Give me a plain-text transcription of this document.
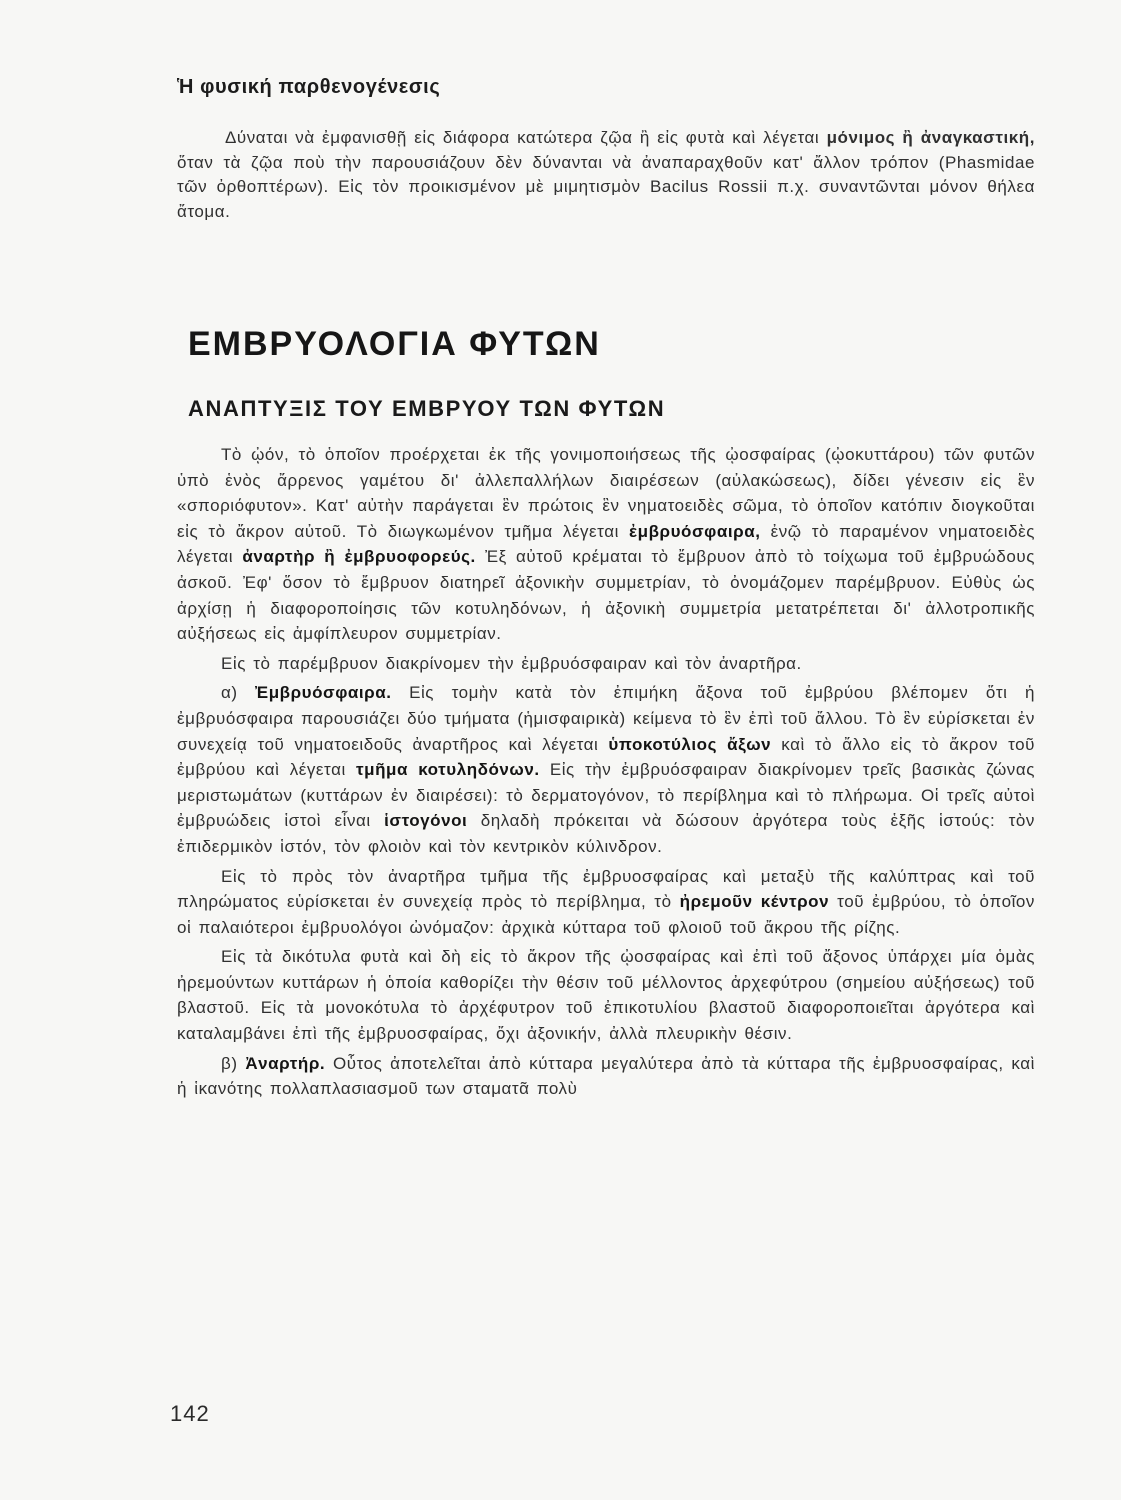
Ἡ φυσική παρθενογένεσις

Δύναται νὰ ἐμφανισθῇ εἰς διάφορα κατώτερα ζῷα ἢ εἰς φυτὰ καὶ λέγεται μόνιμος ἢ ἀναγκαστική, ὅταν τὰ ζῷα ποὺ τὴν παρουσιάζουν δὲν δύνανται νὰ ἀναπαραχθοῦν κατ' ἄλλον τρόπον (Phasmidae τῶν ὀρθοπτέρων). Εἰς τὸν προικισμένον μὲ μιμητισμὸν Bacilus Rossii π.χ. συναντῶνται μόνον θήλεα ἄτομα.

ΕΜΒΡΥΟΛΟΓΙΑ ΦΥΤΩΝ
ΑΝΑΠΤΥΞΙΣ ΤΟΥ ΕΜΒΡΥΟΥ ΤΩΝ ΦΥΤΩΝ

Τὸ ᾠόν, τὸ ὁποῖον προέρχεται ἐκ τῆς γονιμοποιήσεως τῆς ᾠοσφαίρας (ᾠοκυττάρου) τῶν φυτῶν ὑπὸ ἑνὸς ἄρρενος γαμέτου δι' ἀλλεπαλλήλων διαιρέσεων (αὐλακώσεως), δίδει γένεσιν εἰς ἓν «σποριόφυτον». Κατ' αὐτὴν παράγεται ἓν πρώτοις ἓν νηματοειδὲς σῶμα, τὸ ὁποῖον κατόπιν διογκοῦται εἰς τὸ ἄκρον αὐτοῦ. Τὸ διωγκωμένον τμῆμα λέγεται ἐμβρυόσφαιρα, ἐνῷ τὸ παραμένον νηματοειδὲς λέγεται ἀναρτὴρ ἢ ἐμβρυοφορεύς. Ἐξ αὐτοῦ κρέμαται τὸ ἔμβρυον ἀπὸ τὸ τοίχωμα τοῦ ἐμβρυώδους ἀσκοῦ. Ἐφ' ὅσον τὸ ἔμβρυον διατηρεῖ ἀξονικὴν συμμετρίαν, τὸ ὀνομάζομεν παρέμβρυον. Εὐθὺς ὡς ἀρχίσῃ ἡ διαφοροποίησις τῶν κοτυληδόνων, ἡ ἀξονικὴ συμμετρία μετατρέπεται δι' ἀλλοτροπικῆς αὐξήσεως εἰς ἀμφίπλευρον συμμετρίαν.

Εἰς τὸ παρέμβρυον διακρίνομεν τὴν ἐμβρυόσφαιραν καὶ τὸν ἀναρτῆρα.

α) Ἐμβρυόσφαιρα. Εἰς τομὴν κατὰ τὸν ἐπιμήκη ἄξονα τοῦ ἐμβρύου βλέπομεν ὅτι ἡ ἐμβρυόσφαιρα παρουσιάζει δύο τμήματα (ἡμισφαιρικὰ) κείμενα τὸ ἓν ἐπὶ τοῦ ἄλλου. Τὸ ἓν εὑρίσκεται ἐν συνεχείᾳ τοῦ νηματοειδοῦς ἀναρτῆρος καὶ λέγεται ὑποκοτύλιος ἄξων καὶ τὸ ἄλλο εἰς τὸ ἄκρον τοῦ ἐμβρύου καὶ λέγεται τμῆμα κοτυληδόνων. Εἰς τὴν ἐμβρυόσφαιραν διακρίνομεν τρεῖς βασικὰς ζώνας μεριστωμάτων (κυττάρων ἐν διαιρέσει): τὸ δερματογόνον, τὸ περίβλημα καὶ τὸ πλήρωμα. Οἱ τρεῖς αὐτοὶ ἐμβρυώδεις ἱστοὶ εἶναι ἱστογόνοι δηλαδὴ πρόκειται νὰ δώσουν ἀργότερα τοὺς ἑξῆς ἱστούς: τὸν ἐπιδερμικὸν ἱστόν, τὸν φλοιὸν καὶ τὸν κεντρικὸν κύλινδρον.

Εἰς τὸ πρὸς τὸν ἀναρτῆρα τμῆμα τῆς ἐμβρυοσφαίρας καὶ μεταξὺ τῆς καλύπτρας καὶ τοῦ πληρώματος εὑρίσκεται ἐν συνεχείᾳ πρὸς τὸ περίβλημα, τὸ ἠρεμοῦν κέντρον τοῦ ἐμβρύου, τὸ ὁποῖον οἱ παλαιότεροι ἐμβρυολόγοι ὠνόμαζον: ἀρχικὰ κύτταρα τοῦ φλοιοῦ τοῦ ἄκρου τῆς ρίζης.

Εἰς τὰ δικότυλα φυτὰ καὶ δὴ εἰς τὸ ἄκρον τῆς ᾠοσφαίρας καὶ ἐπὶ τοῦ ἄξονος ὑπάρχει μία ὁμὰς ἠρεμούντων κυττάρων ἡ ὁποία καθορίζει τὴν θέσιν τοῦ μέλλοντος ἀρχεφύτρου (σημείου αὐξήσεως) τοῦ βλαστοῦ. Εἰς τὰ μονοκότυλα τὸ ἀρχέφυτρον τοῦ ἐπικοτυλίου βλαστοῦ διαφοροποιεῖται ἀργότερα καὶ καταλαμβάνει ἐπὶ τῆς ἐμβρυοσφαίρας, ὄχι ἀξονικήν, ἀλλὰ πλευρικὴν θέσιν.

β) Ἀναρτήρ. Οὗτος ἀποτελεῖται ἀπὸ κύτταρα μεγαλύτερα ἀπὸ τὰ κύτταρα τῆς ἐμβρυοσφαίρας, καὶ ἡ ἱκανότης πολλαπλασιασμοῦ των σταματᾶ πολὺ

142
